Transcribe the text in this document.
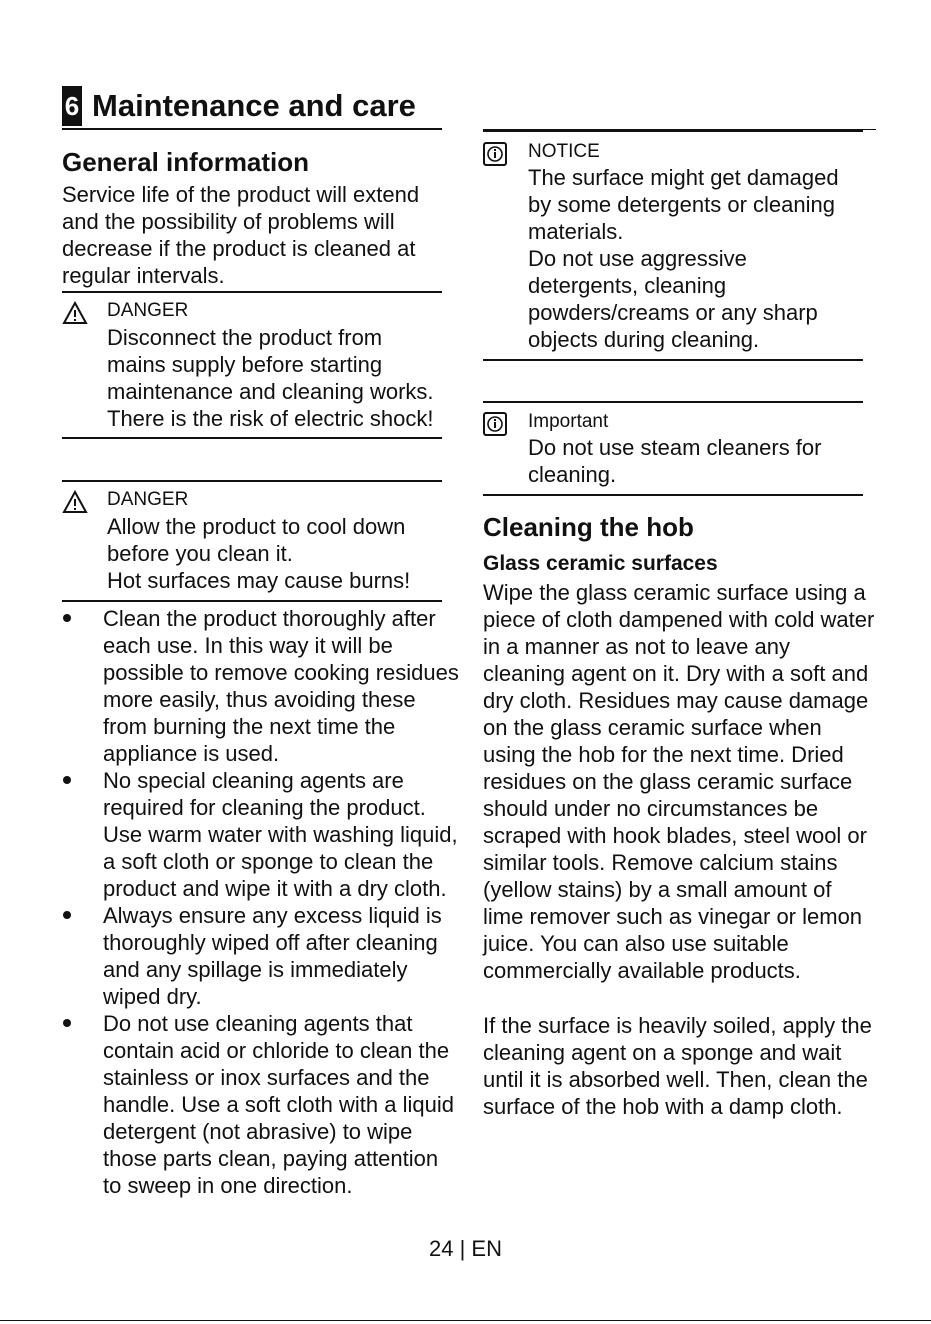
6 Maintenance and care
General information
Service life of the product will extend and the possibility of problems will decrease if the product is cleaned at regular intervals.
DANGER
Disconnect the product from
mains supply before starting
maintenance and cleaning works.
There is the risk of electric shock!
DANGER
Allow the product to cool down
before you clean it.
Hot surfaces may cause burns!
Clean the product thoroughly after each use. In this way it will be possible to remove cooking residues more easily, thus avoiding these from burning the next time the appliance is used.
No special cleaning agents are required for cleaning the product. Use warm water with washing liquid, a soft cloth or sponge to clean the product and wipe it with a dry cloth.
Always ensure any excess liquid is thoroughly wiped off after cleaning and any spillage is immediately wiped dry.
Do not use cleaning agents that contain acid or chloride to clean the stainless or inox surfaces and the handle. Use a soft cloth with a liquid detergent (not abrasive) to wipe those parts clean, paying attention to sweep in one direction.
NOTICE
The surface might get damaged
by some detergents or cleaning
materials.
Do not use aggressive
detergents, cleaning
powders/creams or any sharp
objects during cleaning.
Important
Do not use steam cleaners for
cleaning.
Cleaning the hob
Glass ceramic surfaces
Wipe the glass ceramic surface using a piece of cloth dampened with cold water in a manner as not to leave any cleaning agent on it. Dry with a soft and dry cloth. Residues may cause damage on the glass ceramic surface when using the hob for the next time. Dried residues on the glass ceramic surface should under no circumstances be scraped with hook blades, steel wool or similar tools. Remove calcium stains (yellow stains) by a small amount of lime remover such as vinegar or lemon juice. You can also use suitable commercially available products.
If the surface is heavily soiled, apply the cleaning agent on a sponge and wait until it is absorbed well. Then, clean the surface of the hob with a damp cloth.
24 | EN
